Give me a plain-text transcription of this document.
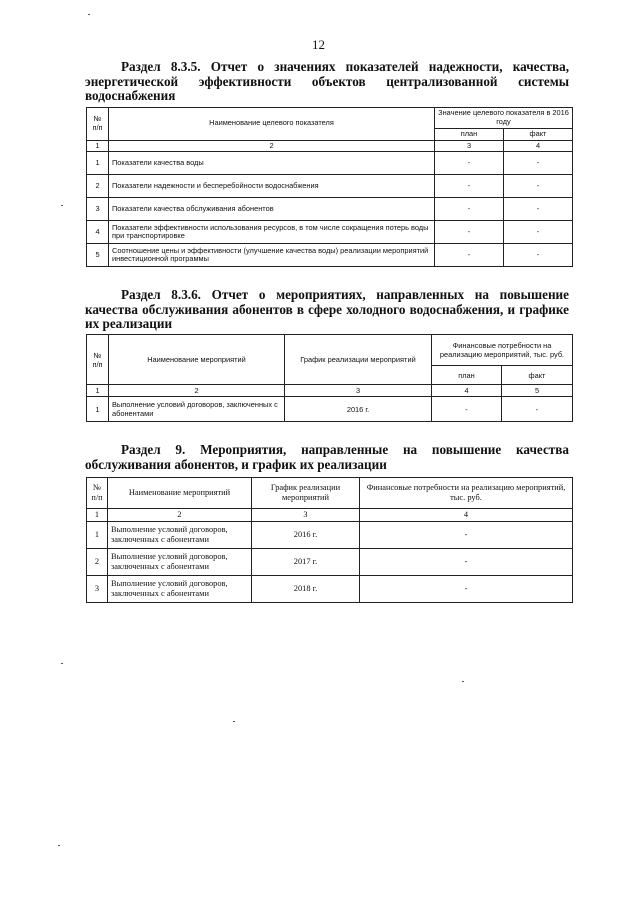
12
Раздел 8.3.5. Отчет о значениях показателей надежности, качества, энергетической эффективности объектов централизованной системы водоснабжения
№ п/п	Наименование целевого показателя	Значение целевого показателя в 2016 году	
		план	факт
1	2	3	4
1	Показатели качества воды	-	-
2	Показатели надежности и бесперебойности водоснабжения	-	-
3	Показатели качества обслуживания абонентов	-	-
4	Показатели эффективности использования ресурсов, в том числе сокращения потерь воды при транспортировке	-	-
5	Соотношение цены и эффективности (улучшение качества воды) реализации мероприятий инвестиционной программы	-	-
Раздел 8.3.6. Отчет о мероприятиях, направленных на повышение качества обслуживания абонентов в сфере холодного водоснабжения, и графике их реализации
№ п/п	Наименование мероприятий	График реализации мероприятий	Финансовые потребности на реализацию мероприятий, тыс. руб.	
			план	факт
1	2	3	4	5
1	Выполнение условий договоров, заключенных с абонентами	2016 г.	-	-
Раздел 9. Мероприятия, направленные на повышение качества обслуживания абонентов, и график их реализации
№ п/п	Наименование мероприятий	График реализации мероприятий	Финансовые потребности на реализацию мероприятий, тыс. руб.
1	2	3	4
1	Выполнение условий договоров, заключенных с абонентами	2016 г.	-
2	Выполнение условий договоров, заключенных с абонентами	2017 г.	-
3	Выполнение условий договоров, заключенных с абонентами	2018 г.	-
